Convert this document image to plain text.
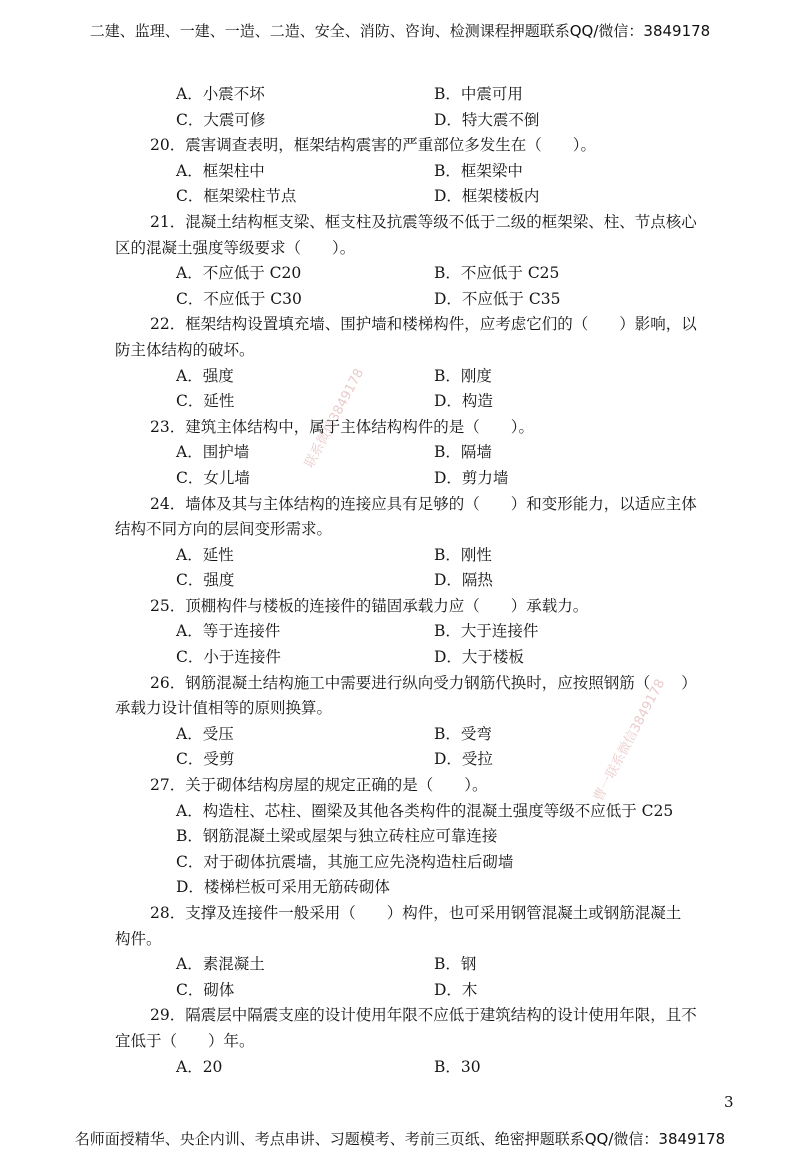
二建、监理、一建、一造、二造、安全、消防、咨询、检测课程押题联系QQ/微信：3849178
联系微信3849178
曹一联系微信3849178
A．小震不坏	B．中震可用
C．大震可修	D．特大震不倒
20．震害调查表明，框架结构震害的严重部位多发生在（　　）。
A．框架柱中	B．框架梁中
C．框架梁柱节点	D．框架楼板内
21．混凝土结构框支梁、框支柱及抗震等级不低于二级的框架梁、柱、节点核心
区的混凝土强度等级要求（　　）。
A．不应低于 C20	B．不应低于 C25
C．不应低于 C30	D．不应低于 C35
22．框架结构设置填充墙、围护墙和楼梯构件，应考虑它们的（　　）影响，以
防主体结构的破坏。
A．强度	B．刚度
C．延性	D．构造
23．建筑主体结构中，属于主体结构构件的是（　　）。
A．围护墙	B．隔墙
C．女儿墙	D．剪力墙
24．墙体及其与主体结构的连接应具有足够的（　　）和变形能力，以适应主体
结构不同方向的层间变形需求。
A．延性	B．刚性
C．强度	D．隔热
25．顶棚构件与楼板的连接件的锚固承载力应（　　）承载力。
A．等于连接件	B．大于连接件
C．小于连接件	D．大于楼板
26．钢筋混凝土结构施工中需要进行纵向受力钢筋代换时，应按照钢筋（　　）
承载力设计值相等的原则换算。
A．受压	B．受弯
C．受剪	D．受拉
27．关于砌体结构房屋的规定正确的是（　　）。
A．构造柱、芯柱、圈梁及其他各类构件的混凝土强度等级不应低于 C25
B．钢筋混凝土梁或屋架与独立砖柱应可靠连接
C．对于砌体抗震墙，其施工应先浇构造柱后砌墙
D．楼梯栏板可采用无筋砖砌体
28．支撑及连接件一般采用（　　）构件，也可采用钢管混凝土或钢筋混凝土
构件。
A．素混凝土	B．钢
C．砌体	D．木
29．隔震层中隔震支座的设计使用年限不应低于建筑结构的设计使用年限，且不
宜低于（　　）年。
A．20	B．30
3
名师面授精华、央企内训、考点串讲、习题模考、考前三页纸、绝密押题联系QQ/微信：3849178
